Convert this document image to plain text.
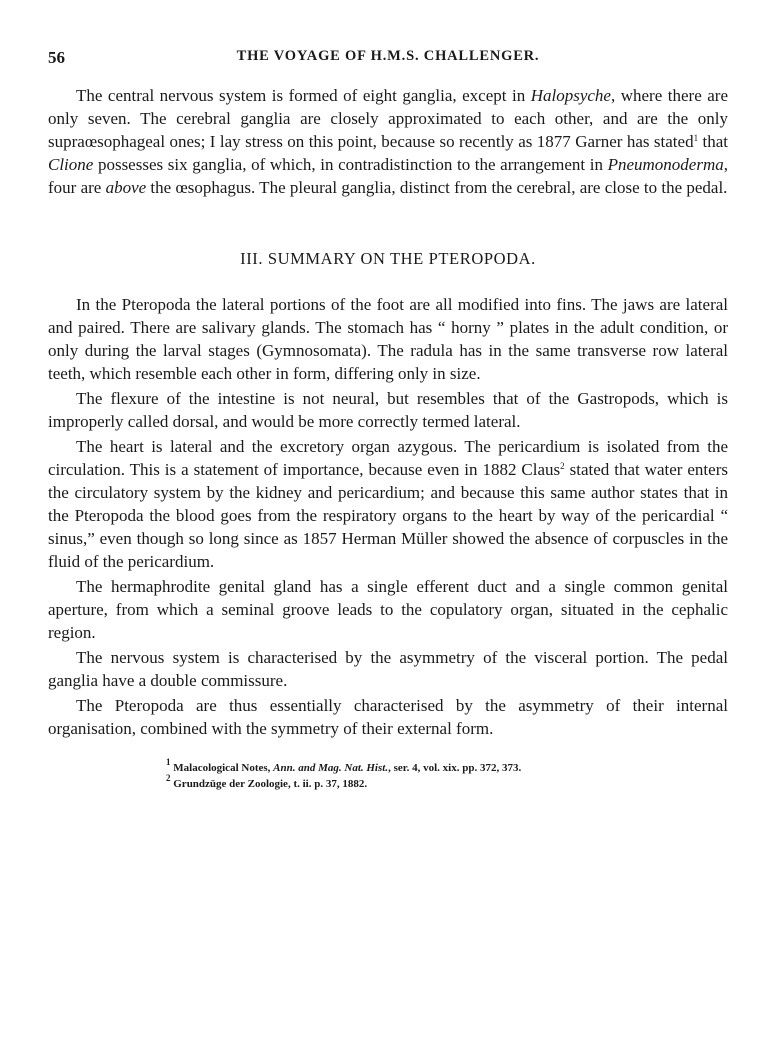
56	THE VOYAGE OF H.M.S. CHALLENGER.

The central nervous system is formed of eight ganglia, except in Halopsyche, where there are only seven. The cerebral ganglia are closely approximated to each other, and are the only supraœsophageal ones; I lay stress on this point, because so recently as 1877 Garner has stated$^1$ that Clione possesses six ganglia, of which, in contradistinction to the arrangement in Pneumonoderma, four are above the œsophagus. The pleural ganglia, distinct from the cerebral, are close to the pedal.

III. SUMMARY ON THE PTEROPODA.

In the Pteropoda the lateral portions of the foot are all modified into fins. The jaws are lateral and paired. There are salivary glands. The stomach has “ horny ” plates in the adult condition, or only during the larval stages (Gymnosomata). The radula has in the same transverse row lateral teeth, which resemble each other in form, differing only in size.

The flexure of the intestine is not neural, but resembles that of the Gastropods, which is improperly called dorsal, and would be more correctly termed lateral.

The heart is lateral and the excretory organ azygous. The pericardium is isolated from the circulation. This is a statement of importance, because even in 1882 Claus$^2$ stated that water enters the circulatory system by the kidney and pericardium; and because this same author states that in the Pteropoda the blood goes from the respiratory organs to the heart by way of the pericardial “ sinus,” even though so long since as 1857 Herman Müller showed the absence of corpuscles in the fluid of the pericardium.

The hermaphrodite genital gland has a single efferent duct and a single common genital aperture, from which a seminal groove leads to the copulatory organ, situated in the cephalic region.

The nervous system is characterised by the asymmetry of the visceral portion. The pedal ganglia have a double commissure.

The Pteropoda are thus essentially characterised by the asymmetry of their internal organisation, combined with the symmetry of their external form.

$^1$ Malacological Notes, Ann. and Mag. Nat. Hist., ser. 4, vol. xix. pp. 372, 373.
$^2$ Grundzüge der Zoologie, t. ii. p. 37, 1882.
